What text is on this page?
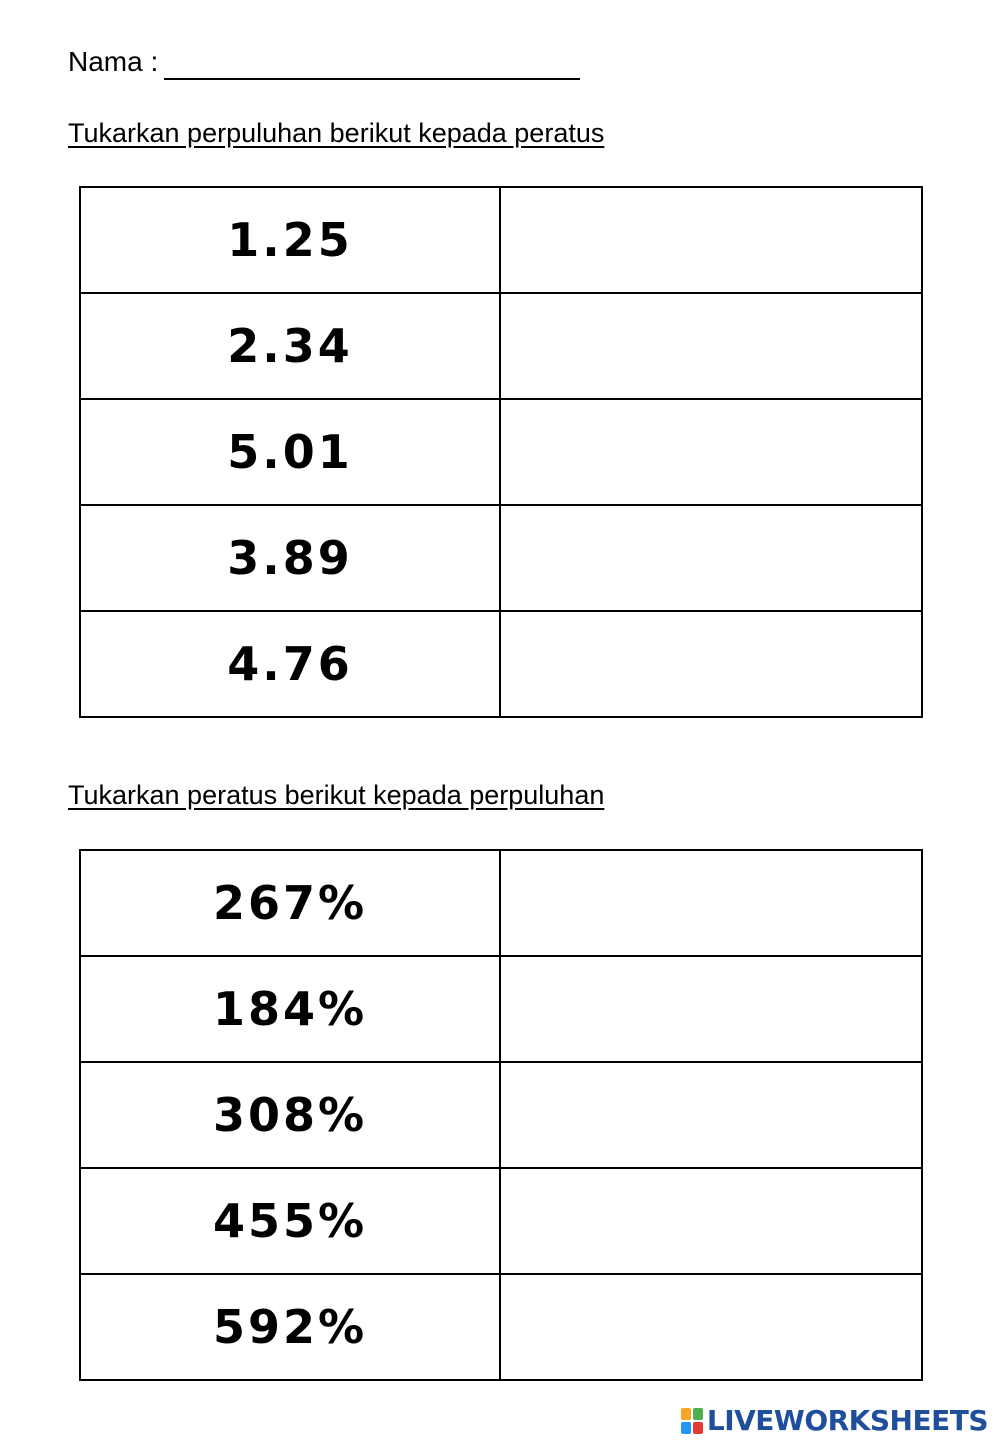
Nama :
Tukarkan perpuluhan berikut kepada peratus
1.25	
2.34	
5.01	
3.89	
4.76	
Tukarkan peratus berikut kepada perpuluhan
267%	
184%	
308%	
455%	
592%	
LIVEWORKSHEETS
